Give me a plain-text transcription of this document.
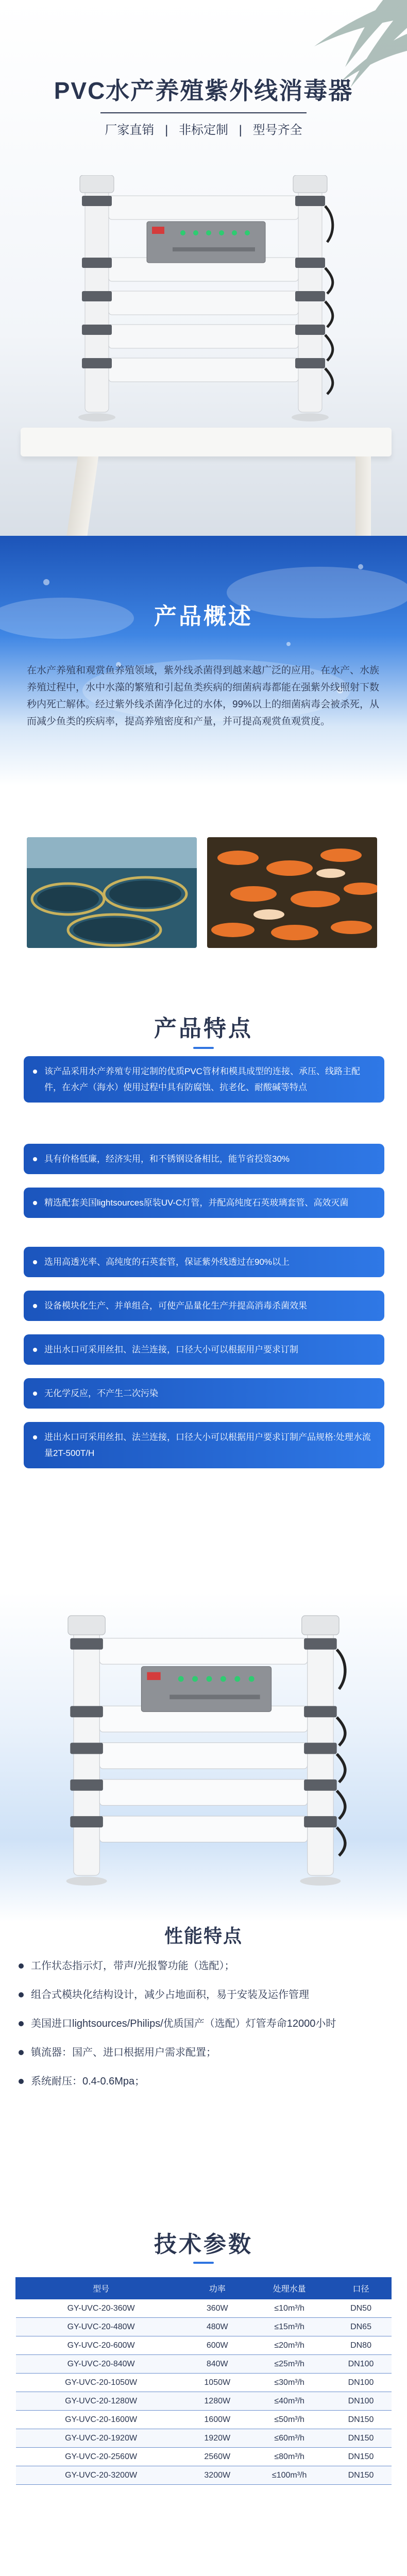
PVC水产养殖紫外线消毒器
厂家直销 | 非标定制 | 型号齐全
产品概述
在水产养殖和观赏鱼养殖领域，紫外线杀菌得到越来越广泛的应用。在水产、水族养殖过程中，水中水藻的繁殖和引起鱼类疾病的细菌病毒都能在强紫外线照射下数秒内死亡解体。经过紫外线杀菌净化过的水体，99%以上的细菌病毒会被杀死，从而减少鱼类的疾病率，提高养殖密度和产量，并可提高观赏鱼观赏度。
产品特点
该产品采用水产养殖专用定制的优质PVC管材和模具成型的连接、承压、线路主配件，在水产（海水）使用过程中具有防腐蚀、抗老化、耐酸碱等特点
具有价格低廉，经济实用，和不锈钢设备相比，能节省投资30%
精选配套美国lightsources原装UV-C灯管，并配高纯度石英玻璃套管、高效灭菌
选用高透光率、高纯度的石英套管，保证紫外线透过在90%以上
设备模块化生产、并单组合，可使产品量化生产并提高消毒杀菌效果
进出水口可采用丝扣、法兰连接，口径大小可以根据用户要求订制
无化学反应，不产生二次污染
进出水口可采用丝扣、法兰连接，口径大小可以根据用户要求订制产品规格:处理水流量2T-500T/H
性能特点
工作状态指示灯，带声/光报警功能（选配）；
组合式模块化结构设计，减少占地面积，易于安装及运作管理
美国进口lightsources/Philips/优质国产（选配）灯管寿命12000小时
镇流器：国产、进口根据用户需求配置；
系统耐压：0.4-0.6Mpa；
技术参数
型号	功率	处理水量	口径
GY-UVC-20-360W	360W	≤10m³/h	DN50
GY-UVC-20-480W	480W	≤15m³/h	DN65
GY-UVC-20-600W	600W	≤20m³/h	DN80
GY-UVC-20-840W	840W	≤25m³/h	DN100
GY-UVC-20-1050W	1050W	≤30m³/h	DN100
GY-UVC-20-1280W	1280W	≤40m³/h	DN100
GY-UVC-20-1600W	1600W	≤50m³/h	DN150
GY-UVC-20-1920W	1920W	≤60m³/h	DN150
GY-UVC-20-2560W	2560W	≤80m³/h	DN150
GY-UVC-20-3200W	3200W	≤100m³/h	DN150
